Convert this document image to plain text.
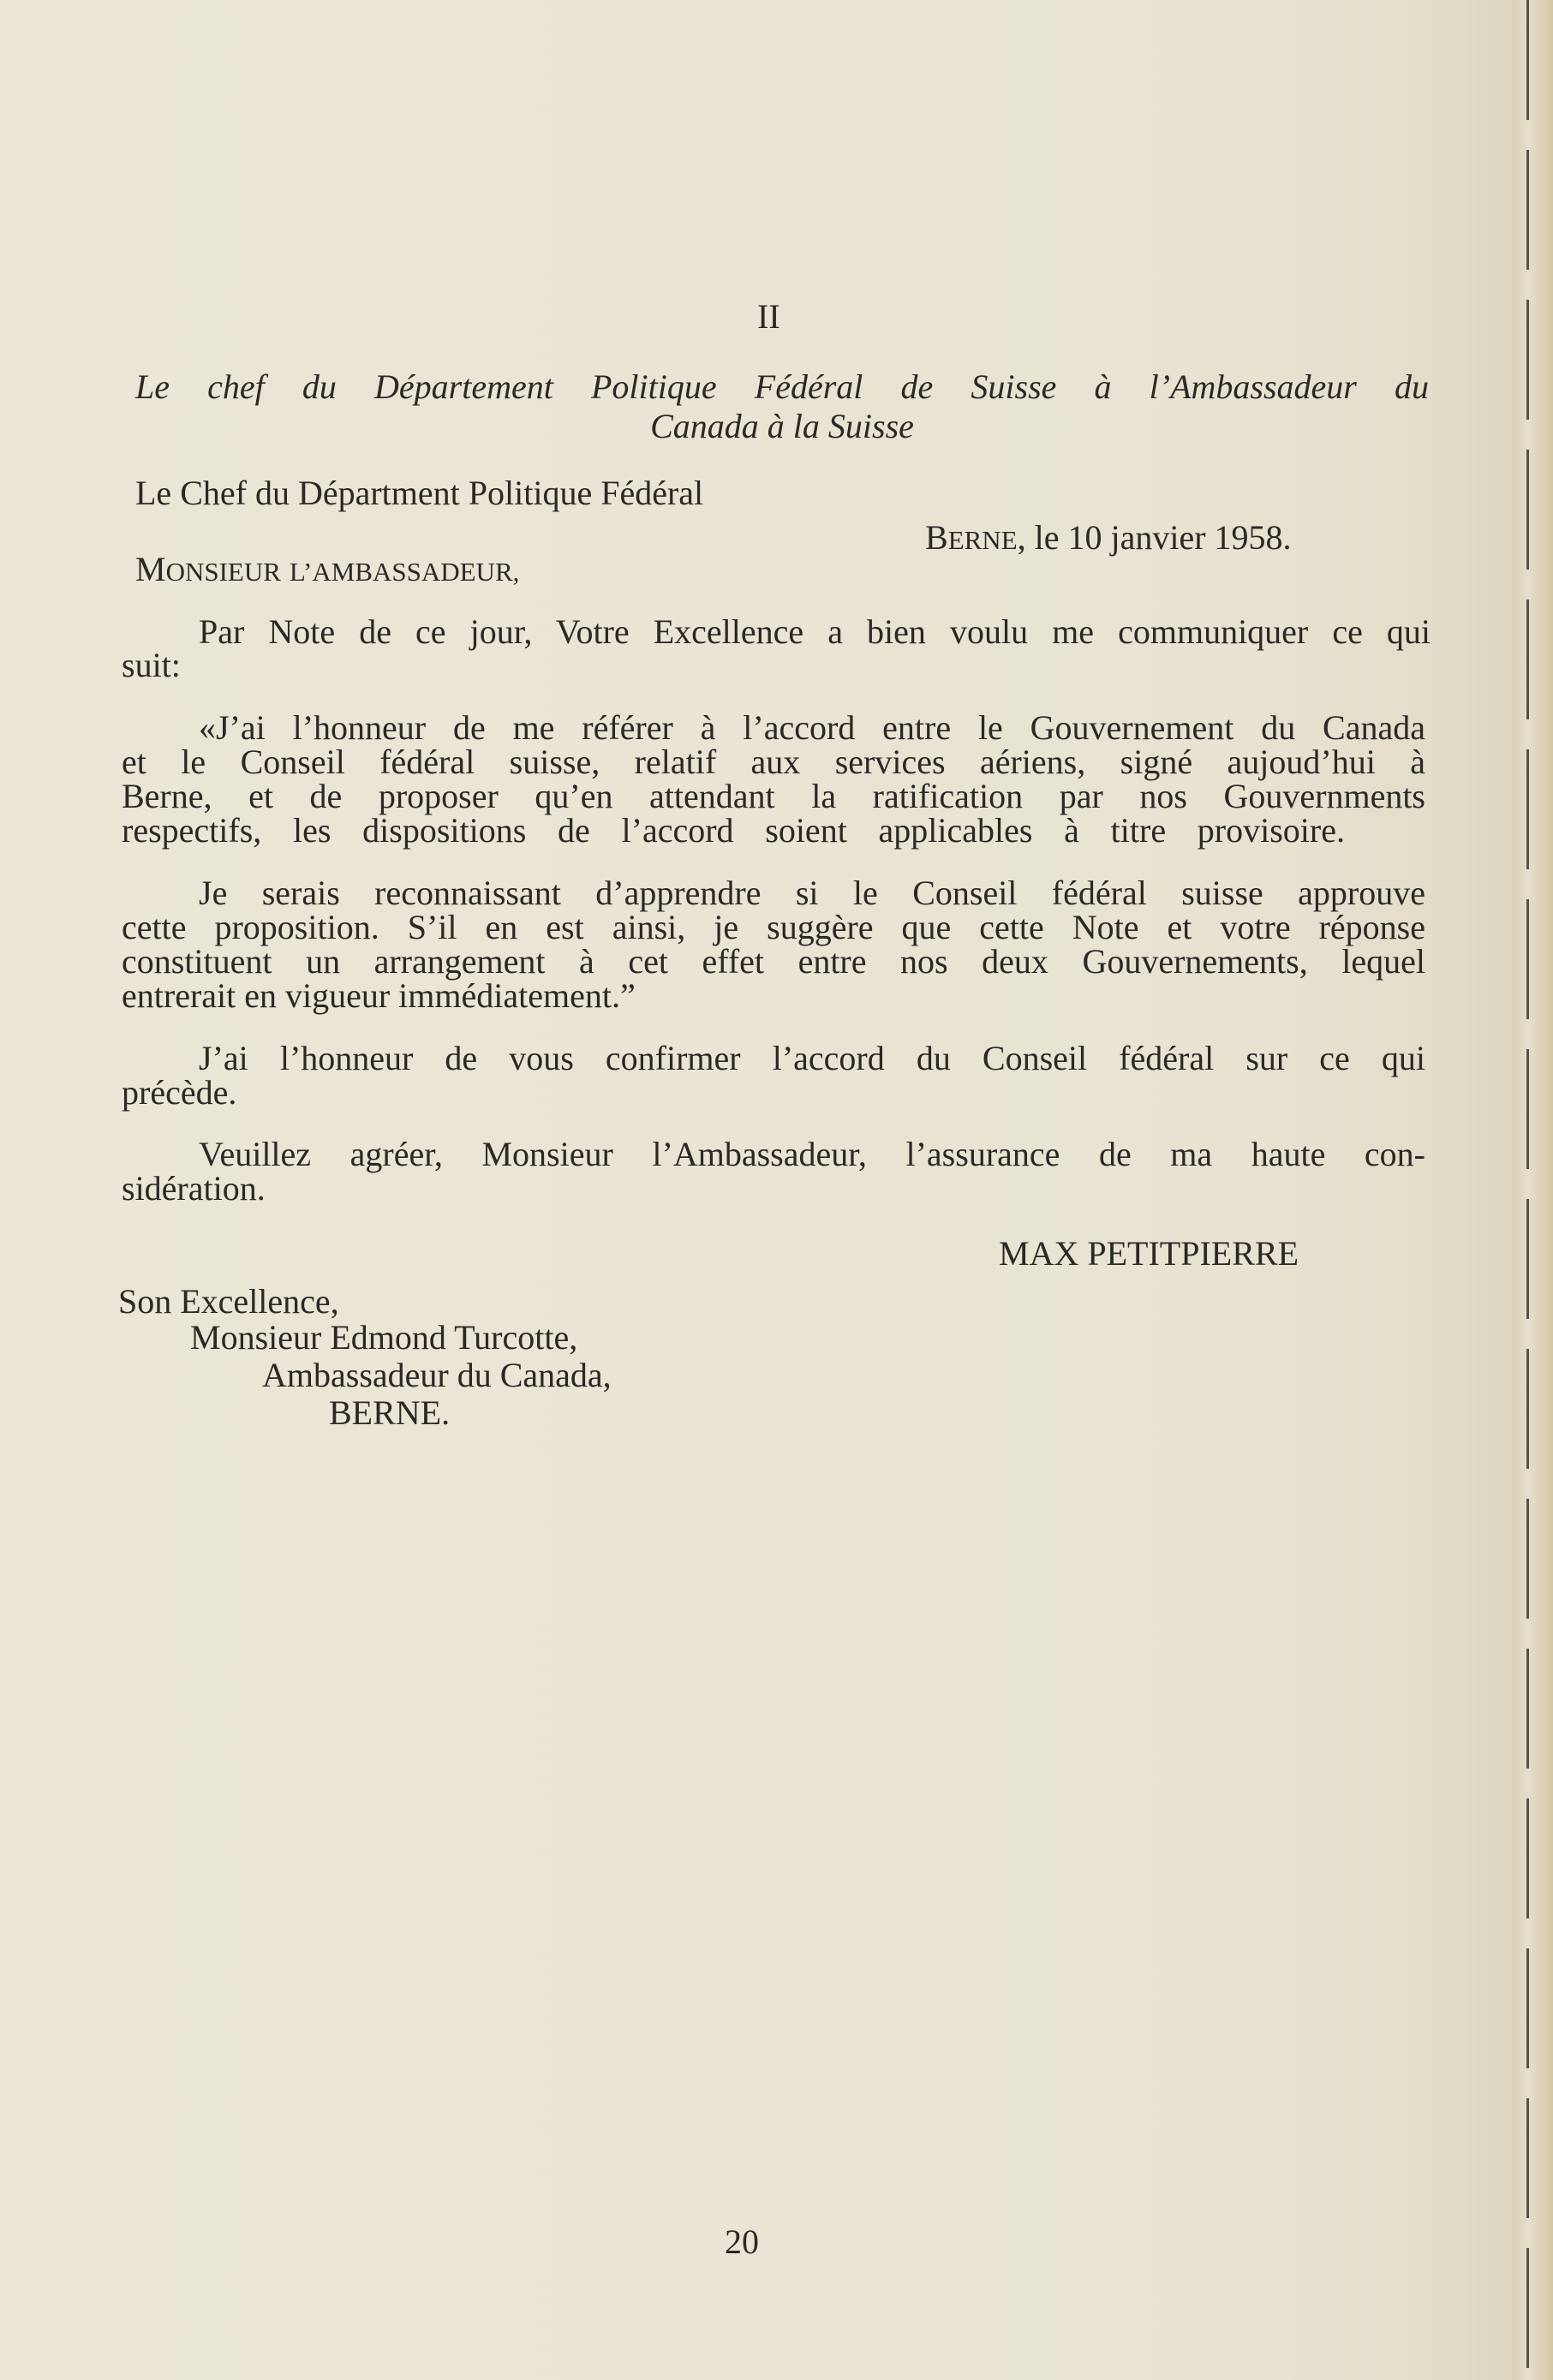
II
Le chef du Département Politique Fédéral de Suisse à l’Ambassadeur du
Canada à la Suisse
Le Chef du Départment Politique Fédéral
BERNE, le 10 janvier 1958.
MONSIEUR L’AMBASSADEUR,
Par Note de ce jour, Votre Excellence a bien voulu me communiquer ce qui
suit:
«J’ai l’honneur de me référer à l’accord entre le Gouvernement du Canada
et le Conseil fédéral suisse, relatif aux services aériens, signé aujoud’hui à
Berne, et de proposer qu’en attendant la ratification par nos Gouvernments
respectifs, les dispositions de l’accord soient applicables à titre provisoire.
Je serais reconnaissant d’apprendre si le Conseil fédéral suisse approuve
cette proposition. S’il en est ainsi, je suggère que cette Note et votre réponse
constituent un arrangement à cet effet entre nos deux Gouvernements, lequel
entrerait en vigueur immédiatement.”
J’ai l’honneur de vous confirmer l’accord du Conseil fédéral sur ce qui
précède.
Veuillez agréer, Monsieur l’Ambassadeur, l’assurance de ma haute con-
sidération.
MAX PETITPIERRE
Son Excellence,
Monsieur Edmond Turcotte,
Ambassadeur du Canada,
BERNE.
20
